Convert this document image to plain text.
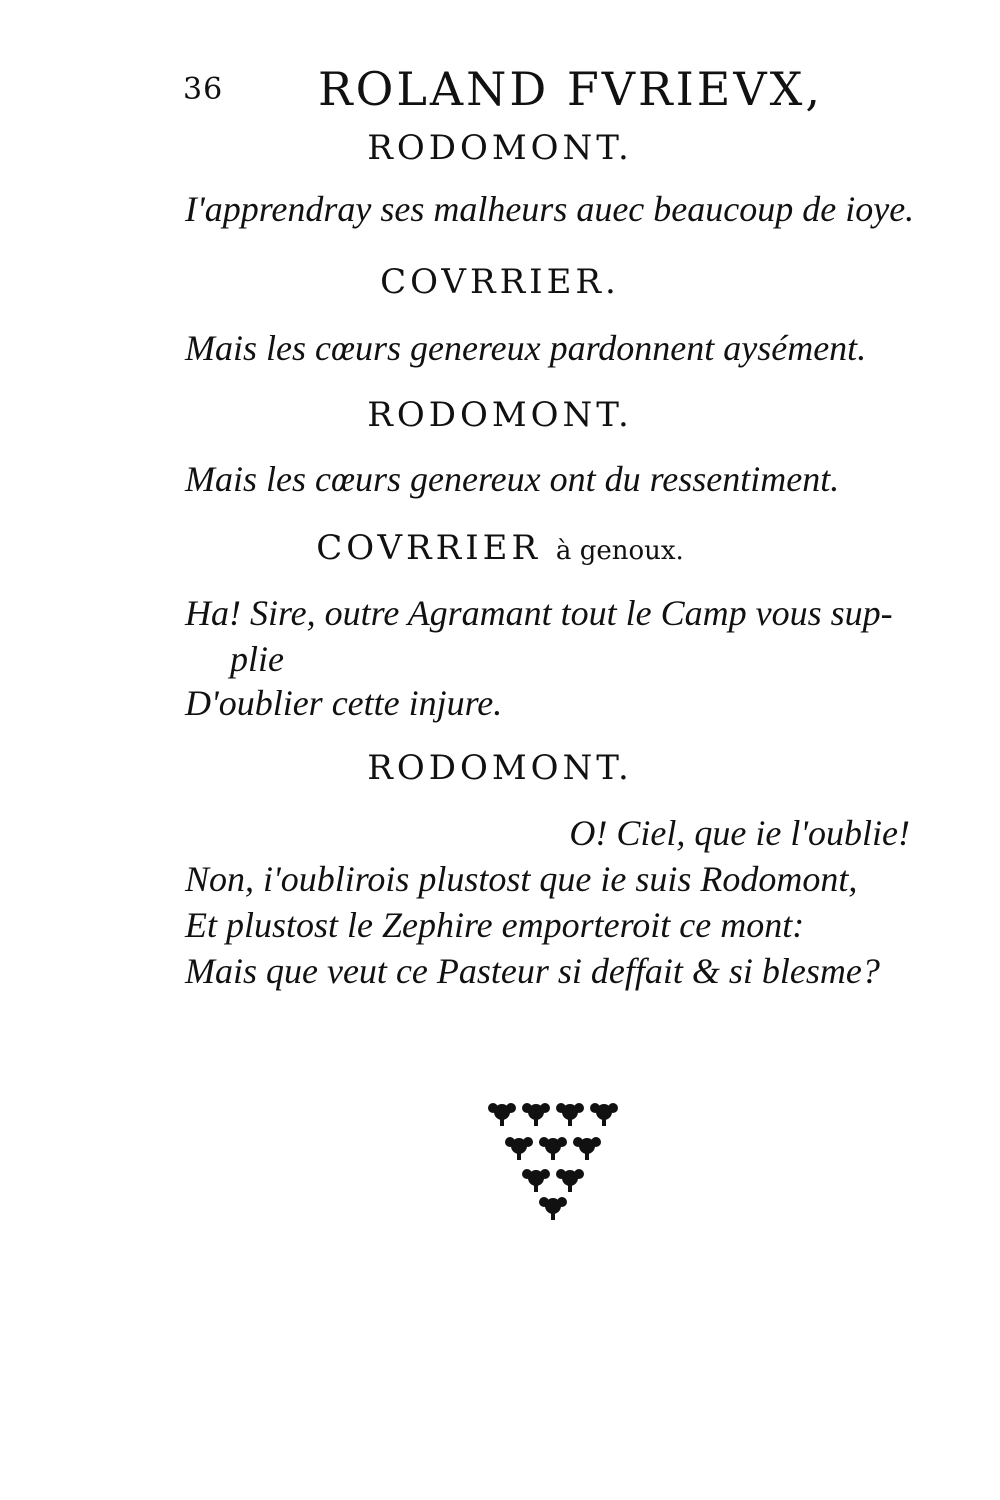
36 ROLAND FVRIEVX,
RODOMONT.
I'apprendray ses malheurs auec beaucoup de ioye.
COVRRIER.
Mais les cœurs genereux pardonnent aysément.
RODOMONT.
Mais les cœurs genereux ont du ressentiment.
COVRRIER à genoux.
Ha! Sire, outre Agramant tout le Camp vous sup-
plie
D'oublier cette injure.
RODOMONT.
O! Ciel, que ie l'oublie!
Non, i'oublirois plustost que ie suis Rodomont,
Et plustost le Zephire emporteroit ce mont:
Mais que veut ce Pasteur si deffait & si blesme?
